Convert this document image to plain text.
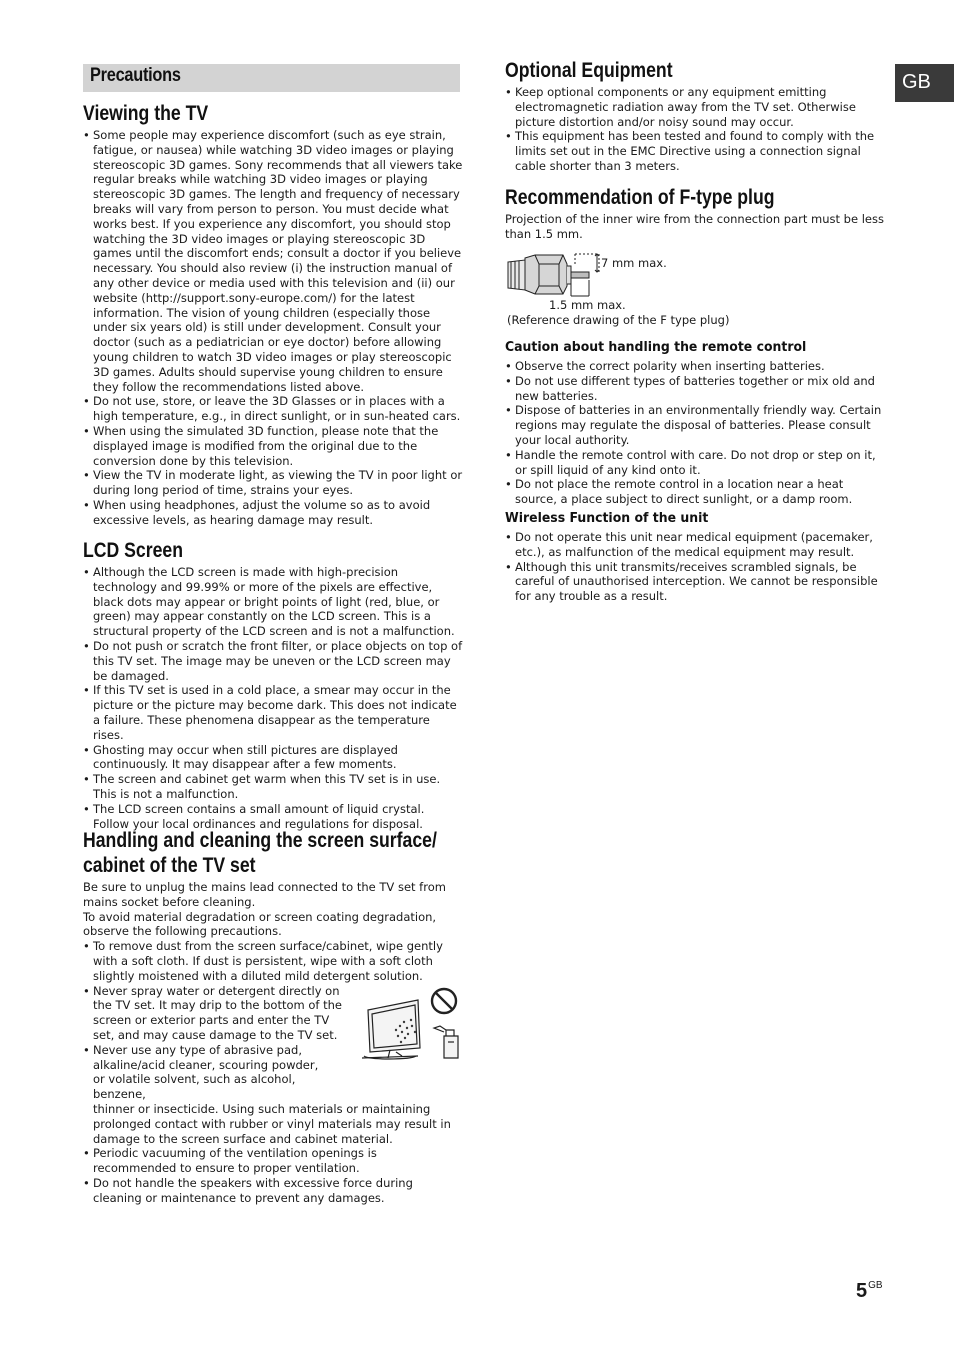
GB
Precautions
Viewing the TV
• Some people may experience discomfort (such as eye strain, fatigue, or nausea) while watching 3D video images or playing stereoscopic 3D games. Sony recommends that all viewers take regular breaks while watching 3D video images or playing stereoscopic 3D games. The length and frequency of necessary breaks will vary from person to person. You must decide what works best. If you experience any discomfort, you should stop watching the 3D video images or playing stereoscopic 3D games until the discomfort ends; consult a doctor if you believe necessary. You should also review (i) the instruction manual of any other device or media used with this television and (ii) our website (http://support.sony-europe.com/) for the latest information. The vision of young children (especially those under six years old) is still under development. Consult your doctor (such as a pediatrician or eye doctor) before allowing young children to watch 3D video images or play stereoscopic 3D games. Adults should supervise young children to ensure they follow the recommendations listed above.
• Do not use, store, or leave the 3D Glasses or in places with a high temperature, e.g., in direct sunlight, or in sun-heated cars.
• When using the simulated 3D function, please note that the displayed image is modified from the original due to the conversion done by this television.
• View the TV in moderate light, as viewing the TV in poor light or during long period of time, strains your eyes.
• When using headphones, adjust the volume so as to avoid excessive levels, as hearing damage may result.
LCD Screen
• Although the LCD screen is made with high-precision technology and 99.99% or more of the pixels are effective, black dots may appear or bright points of light (red, blue, or green) may appear constantly on the LCD screen. This is a structural property of the LCD screen and is not a malfunction.
• Do not push or scratch the front filter, or place objects on top of this TV set. The image may be uneven or the LCD screen may be damaged.
• If this TV set is used in a cold place, a smear may occur in the picture or the picture may become dark. This does not indicate a failure. These phenomena disappear as the temperature rises.
• Ghosting may occur when still pictures are displayed continuously. It may disappear after a few moments.
• The screen and cabinet get warm when this TV set is in use. This is not a malfunction.
• The LCD screen contains a small amount of liquid crystal. Follow your local ordinances and regulations for disposal.
Handling and cleaning the screen surface/
cabinet of the TV set

Be sure to unplug the mains lead connected to the TV set from mains socket before cleaning.

To avoid material degradation or screen coating degradation, observe the following precautions.

• To remove dust from the screen surface/cabinet, wipe gently with a soft cloth. If dust is persistent, wipe with a soft cloth slightly moistened with a diluted mild detergent solution.
• Never spray water or detergent directly on the TV set. It may drip to the bottom of the screen or exterior parts and enter the TV set, and may cause damage to the TV set.
• Never use any type of abrasive pad, alkaline/acid cleaner, scouring powder, or volatile solvent, such as alcohol, benzene,
thinner or insecticide. Using such materials or maintaining prolonged contact with rubber or vinyl materials may result in damage to the screen surface and cabinet material.
• Periodic vacuuming of the ventilation openings is recommended to ensure to proper ventilation.
• Do not handle the speakers with excessive force during cleaning or maintenance to prevent any damages.
Optional Equipment
• Keep optional components or any equipment emitting electromagnetic radiation away from the TV set. Otherwise picture distortion and/or noisy sound may occur.
• This equipment has been tested and found to comply with the limits set out in the EMC Directive using a connection signal cable shorter than 3 meters.
Recommendation of F-type plug

Projection of the inner wire from the connection part must be less than 1.5 mm.

7 mm max.
1.5 mm max.
(Reference drawing of the F type plug)
Caution about handling the remote control
• Observe the correct polarity when inserting batteries.
• Do not use different types of batteries together or mix old and new batteries.
• Dispose of batteries in an environmentally friendly way. Certain regions may regulate the disposal of batteries. Please consult your local authority.
• Handle the remote control with care. Do not drop or step on it, or spill liquid of any kind onto it.
• Do not place the remote control in a location near a heat source, a place subject to direct sunlight, or a damp room.
Wireless Function of the unit
• Do not operate this unit near medical equipment (pacemaker, etc.), as malfunction of the medical equipment may result.
• Although this unit transmits/receives scrambled signals, be careful of unauthorised interception. We cannot be responsible for any trouble as a result.
$5^{GB}$
